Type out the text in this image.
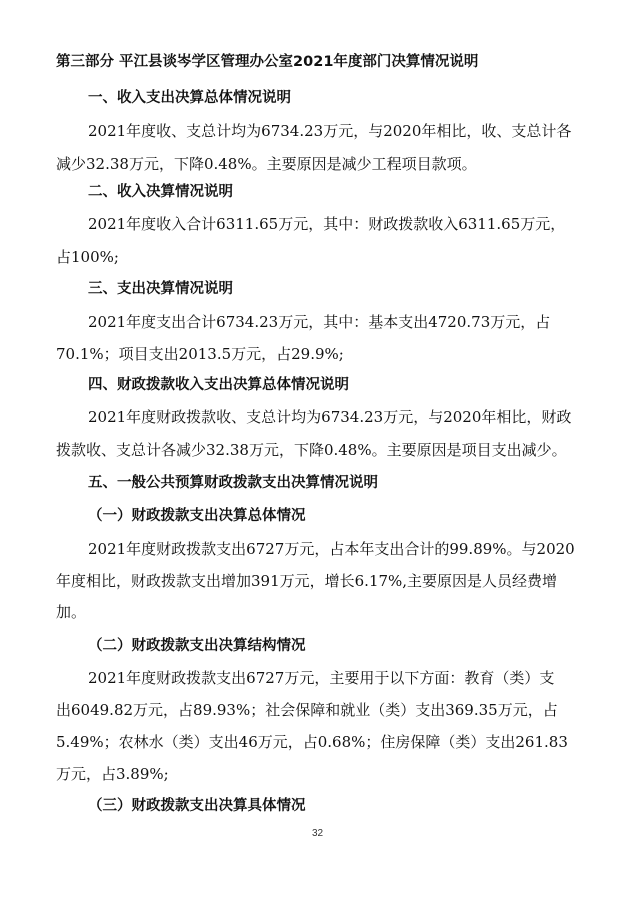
第三部分 平江县谈岑学区管理办公室2021年度部门决算情况说明
一、收入支出决算总体情况说明
2021年度收、支总计均为6734.23万元，与2020年相比，收、支总计各
减少32.38万元，下降0.48%。主要原因是减少工程项目款项。
二、收入决算情况说明
2021年度收入合计6311.65万元，其中：财政拨款收入6311.65万元，
占100%;
三、支出决算情况说明
2021年度支出合计6734.23万元，其中：基本支出4720.73万元，占
70.1%；项目支出2013.5万元，占29.9%;
四、财政拨款收入支出决算总体情况说明
2021年度财政拨款收、支总计均为6734.23万元，与2020年相比，财政
拨款收、支总计各减少32.38万元，下降0.48%。主要原因是项目支出减少。
五、一般公共预算财政拨款支出决算情况说明
（一）财政拨款支出决算总体情况
2021年度财政拨款支出6727万元，占本年支出合计的99.89%。与2020
年度相比，财政拨款支出增加391万元，增长6.17%,主要原因是人员经费增
加。
（二）财政拨款支出决算结构情况
2021年度财政拨款支出6727万元，主要用于以下方面：教育（类）支
出6049.82万元，占89.93%；社会保障和就业（类）支出369.35万元，占
5.49%；农林水（类）支出46万元，占0.68%；住房保障（类）支出261.83
万元，占3.89%;
（三）财政拨款支出决算具体情况
32
